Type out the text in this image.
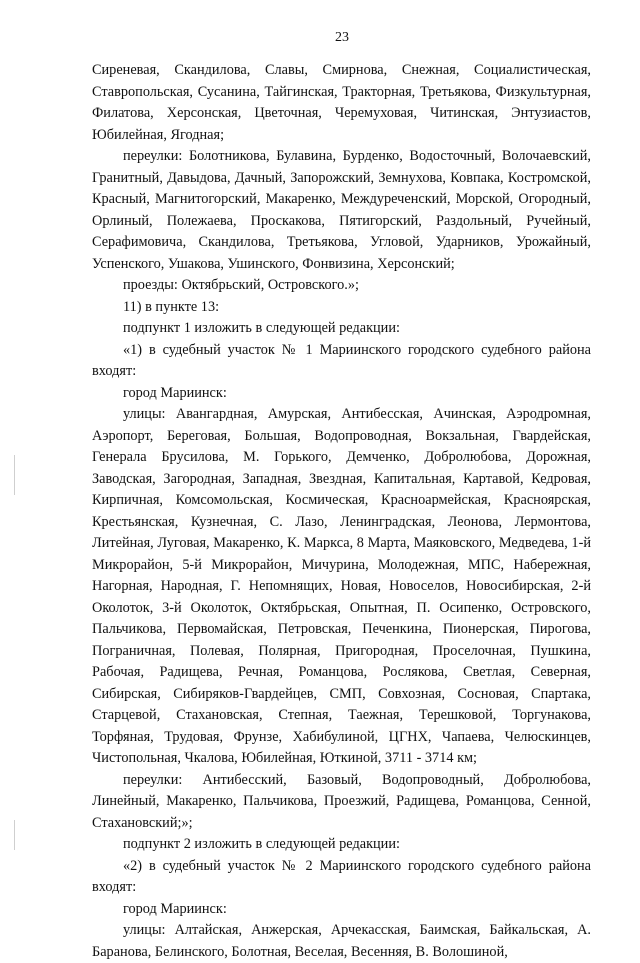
23

Сиреневая, Скандилова, Славы, Смирнова, Снежная, Социалистическая, Ставропольская, Сусанина, Тайгинская, Тракторная, Третьякова, Физкультурная, Филатова, Херсонская, Цветочная, Черемуховая, Читинская, Энтузиастов, Юбилейная, Ягодная;

переулки: Болотникова, Булавина, Бурденко, Водосточный, Волочаевский, Гранитный, Давыдова, Дачный, Запорожский, Земнухова, Ковпака, Костромской, Красный, Магнитогорский, Макаренко, Междуреченский, Морской, Огородный, Орлиный, Полежаева, Проскакова, Пятигорский, Раздольный, Ручейный, Серафимовича, Скандилова, Третьякова, Угловой, Ударников, Урожайный, Успенского, Ушакова, Ушинского, Фонвизина, Херсонский;

проезды: Октябрьский, Островского.»;

11) в пункте 13:

подпункт 1 изложить в следующей редакции:

«1) в судебный участок № 1 Мариинского городского судебного района входят:

город Мариинск:

улицы: Авангардная, Амурская, Антибесская, Ачинская, Аэродромная, Аэропорт, Береговая, Большая, Водопроводная, Вокзальная, Гвардейская, Генерала Брусилова, М. Горького, Демченко, Добролюбова, Дорожная, Заводская, Загородная, Западная, Звездная, Капитальная, Картавой, Кедровая, Кирпичная, Комсомольская, Космическая, Красноармейская, Красноярская, Крестьянская, Кузнечная, С. Лазо, Ленинградская, Леонова, Лермонтова, Литейная, Луговая, Макаренко, К. Маркса, 8 Марта, Маяковского, Медведева, 1-й Микрорайон, 5-й Микрорайон, Мичурина, Молодежная, МПС, Набережная, Нагорная, Народная, Г. Непомнящих, Новая, Новоселов, Новосибирская, 2-й Околоток, 3-й Околоток, Октябрьская, Опытная, П. Осипенко, Островского, Пальчикова, Первомайская, Петровская, Печенкина, Пионерская, Пирогова, Пограничная, Полевая, Полярная, Пригородная, Проселочная, Пушкина, Рабочая, Радищева, Речная, Романцова, Рослякова, Светлая, Северная, Сибирская, Сибиряков-Гвардейцев, СМП, Совхозная, Сосновая, Спартака, Старцевой, Стахановская, Степная, Таежная, Терешковой, Торгунакова, Торфяная, Трудовая, Фрунзе, Хабибулиной, ЦГНХ, Чапаева, Челюскинцев, Чистопольная, Чкалова, Юбилейная, Юткиной, 3711 - 3714 км;

переулки: Антибесский, Базовый, Водопроводный, Добролюбова, Линейный, Макаренко, Пальчикова, Проезжий, Радищева, Романцова, Сенной, Стахановский;»;

подпункт 2 изложить в следующей редакции:

«2) в судебный участок № 2 Мариинского городского судебного района входят:

город Мариинск:

улицы: Алтайская, Анжерская, Арчекасская, Баимская, Байкальская, А. Баранова, Белинского, Болотная, Веселая, Весенняя, В. Волошиной,
